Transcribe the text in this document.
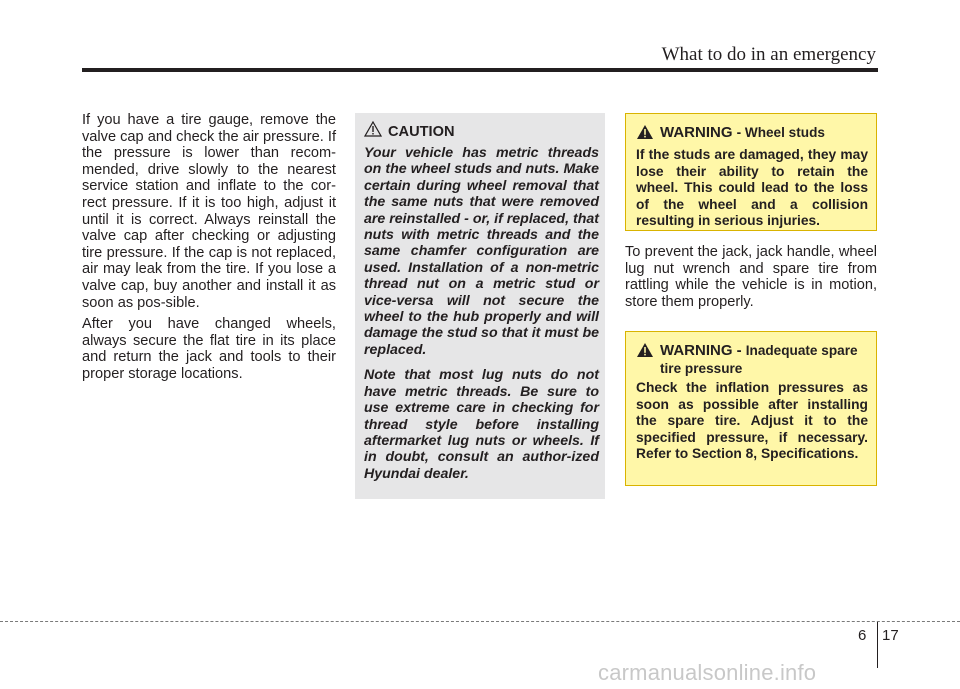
What to do in an emergency

If you have a tire gauge, remove the valve cap and check the air pressure. If the pressure is lower than recom-mended, drive slowly to the nearest service station and inflate to the cor-rect pressure. If it is too high, adjust it until it is correct. Always reinstall the valve cap after checking or adjusting tire pressure. If the cap is not replaced, air may leak from the tire. If you lose a valve cap, buy another and install it as soon as pos-sible.

After you have changed wheels, always secure the flat tire in its place and return the jack and tools to their proper storage locations.

CAUTION

Your vehicle has metric threads on the wheel studs and nuts. Make certain during wheel removal that the same nuts that were removed are reinstalled - or, if replaced, that nuts with metric threads and the same chamfer configuration are used. Installation of a non-metric thread nut on a metric stud or vice-versa will not secure the wheel to the hub properly and will damage the stud so that it must be replaced.

Note that most lug nuts do not have metric threads. Be sure to use extreme care in checking for thread style before installing aftermarket lug nuts or wheels. If in doubt, consult an author-ized Hyundai dealer.

WARNING - Wheel studs
If the studs are damaged, they may lose their ability to retain the wheel. This could lead to the loss of the wheel and a collision resulting in serious injuries.
To prevent the jack, jack handle, wheel lug nut wrench and spare tire from rattling while the vehicle is in motion, store them properly.
WARNING - Inadequate spare tire pressure
Check the inflation pressures as soon as possible after installing the spare tire. Adjust it to the specified pressure, if necessary. Refer to Section 8, Specifications.
6 17
carmanualsonline.info
